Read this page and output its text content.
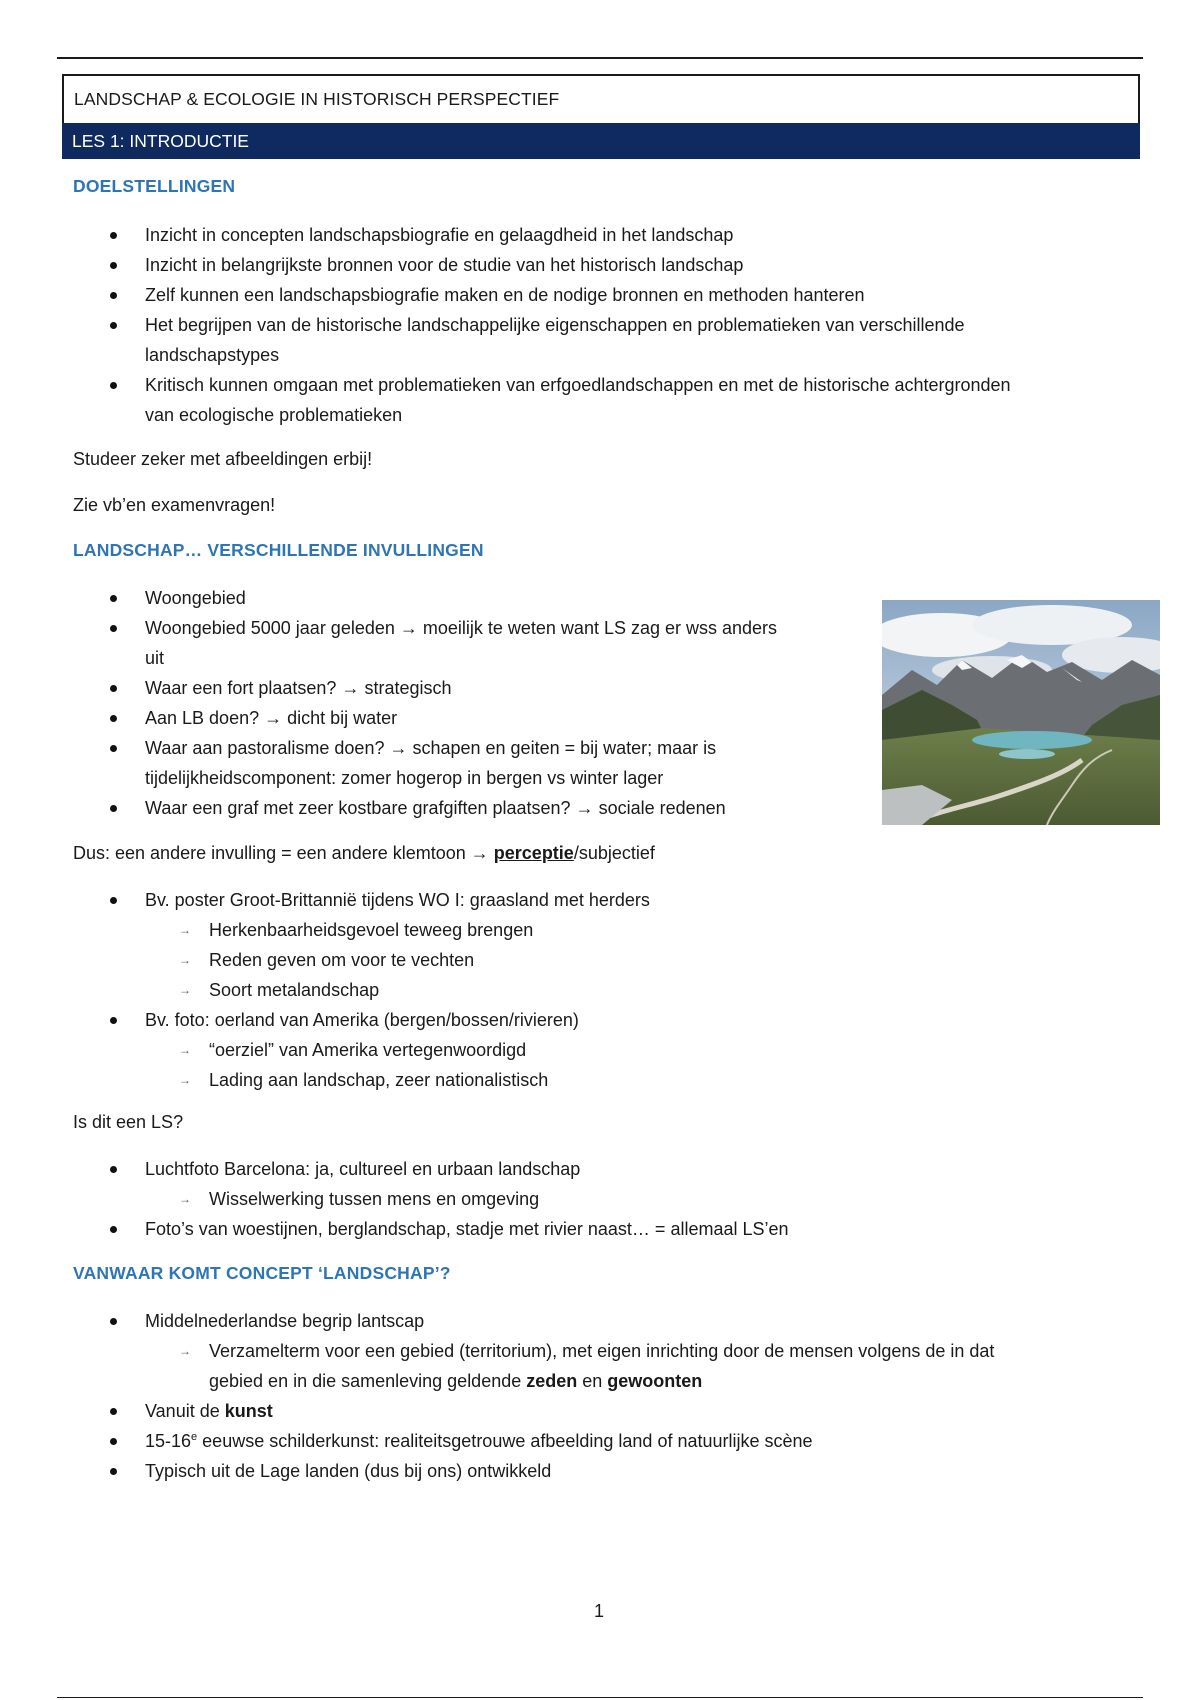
LANDSCHAP & ECOLOGIE IN HISTORISCH PERSPECTIEF
LES 1: INTRODUCTIE
DOELSTELLINGEN
Inzicht in concepten landschapsbiografie en gelaagdheid in het landschap
Inzicht in belangrijkste bronnen voor de studie van het historisch landschap
Zelf kunnen een landschapsbiografie maken en de nodige bronnen en methoden hanteren
Het begrijpen van de historische landschappelijke eigenschappen en problematieken van verschillende
landschapstypes
Kritisch kunnen omgaan met problematieken van erfgoedlandschappen en met de historische achtergronden
van ecologische problematieken

Studeer zeker met afbeeldingen erbij!

Zie vb’en examenvragen!

LANDSCHAP… VERSCHILLENDE INVULLINGEN
Woongebied
Woongebied 5000 jaar geleden → moeilijk te weten want LS zag er wss anders
uit
Waar een fort plaatsen? → strategisch
Aan LB doen? → dicht bij water
Waar aan pastoralisme doen? → schapen en geiten = bij water; maar is
tijdelijkheidscomponent: zomer hogerop in bergen vs winter lager
Waar een graf met zeer kostbare grafgiften plaatsen? → sociale redenen

Dus: een andere invulling = een andere klemtoon → perceptie/subjectief

Bv. poster Groot-Brittannië tijdens WO I: graasland met herders
→ Herkenbaarheidsgevoel teweeg brengen
→ Reden geven om voor te vechten
→ Soort metalandschap
Bv. foto: oerland van Amerika (bergen/bossen/rivieren)
→ “oerziel” van Amerika vertegenwoordigd
→ Lading aan landschap, zeer nationalistisch

Is dit een LS?

Luchtfoto Barcelona: ja, cultureel en urbaan landschap
→ Wisselwerking tussen mens en omgeving
Foto’s van woestijnen, berglandschap, stadje met rivier naast… = allemaal LS’en
VANWAAR KOMT CONCEPT ‘LANDSCHAP’?
Middelnederlandse begrip lantscap
→ Verzamelterm voor een gebied (territorium), met eigen inrichting door de mensen volgens de in dat
gebied en in die samenleving geldende zeden en gewoonten
Vanuit de kunst
15-16e eeuwse schilderkunst: realiteitsgetrouwe afbeelding land of natuurlijke scène
Typisch uit de Lage landen (dus bij ons) ontwikkeld
1
